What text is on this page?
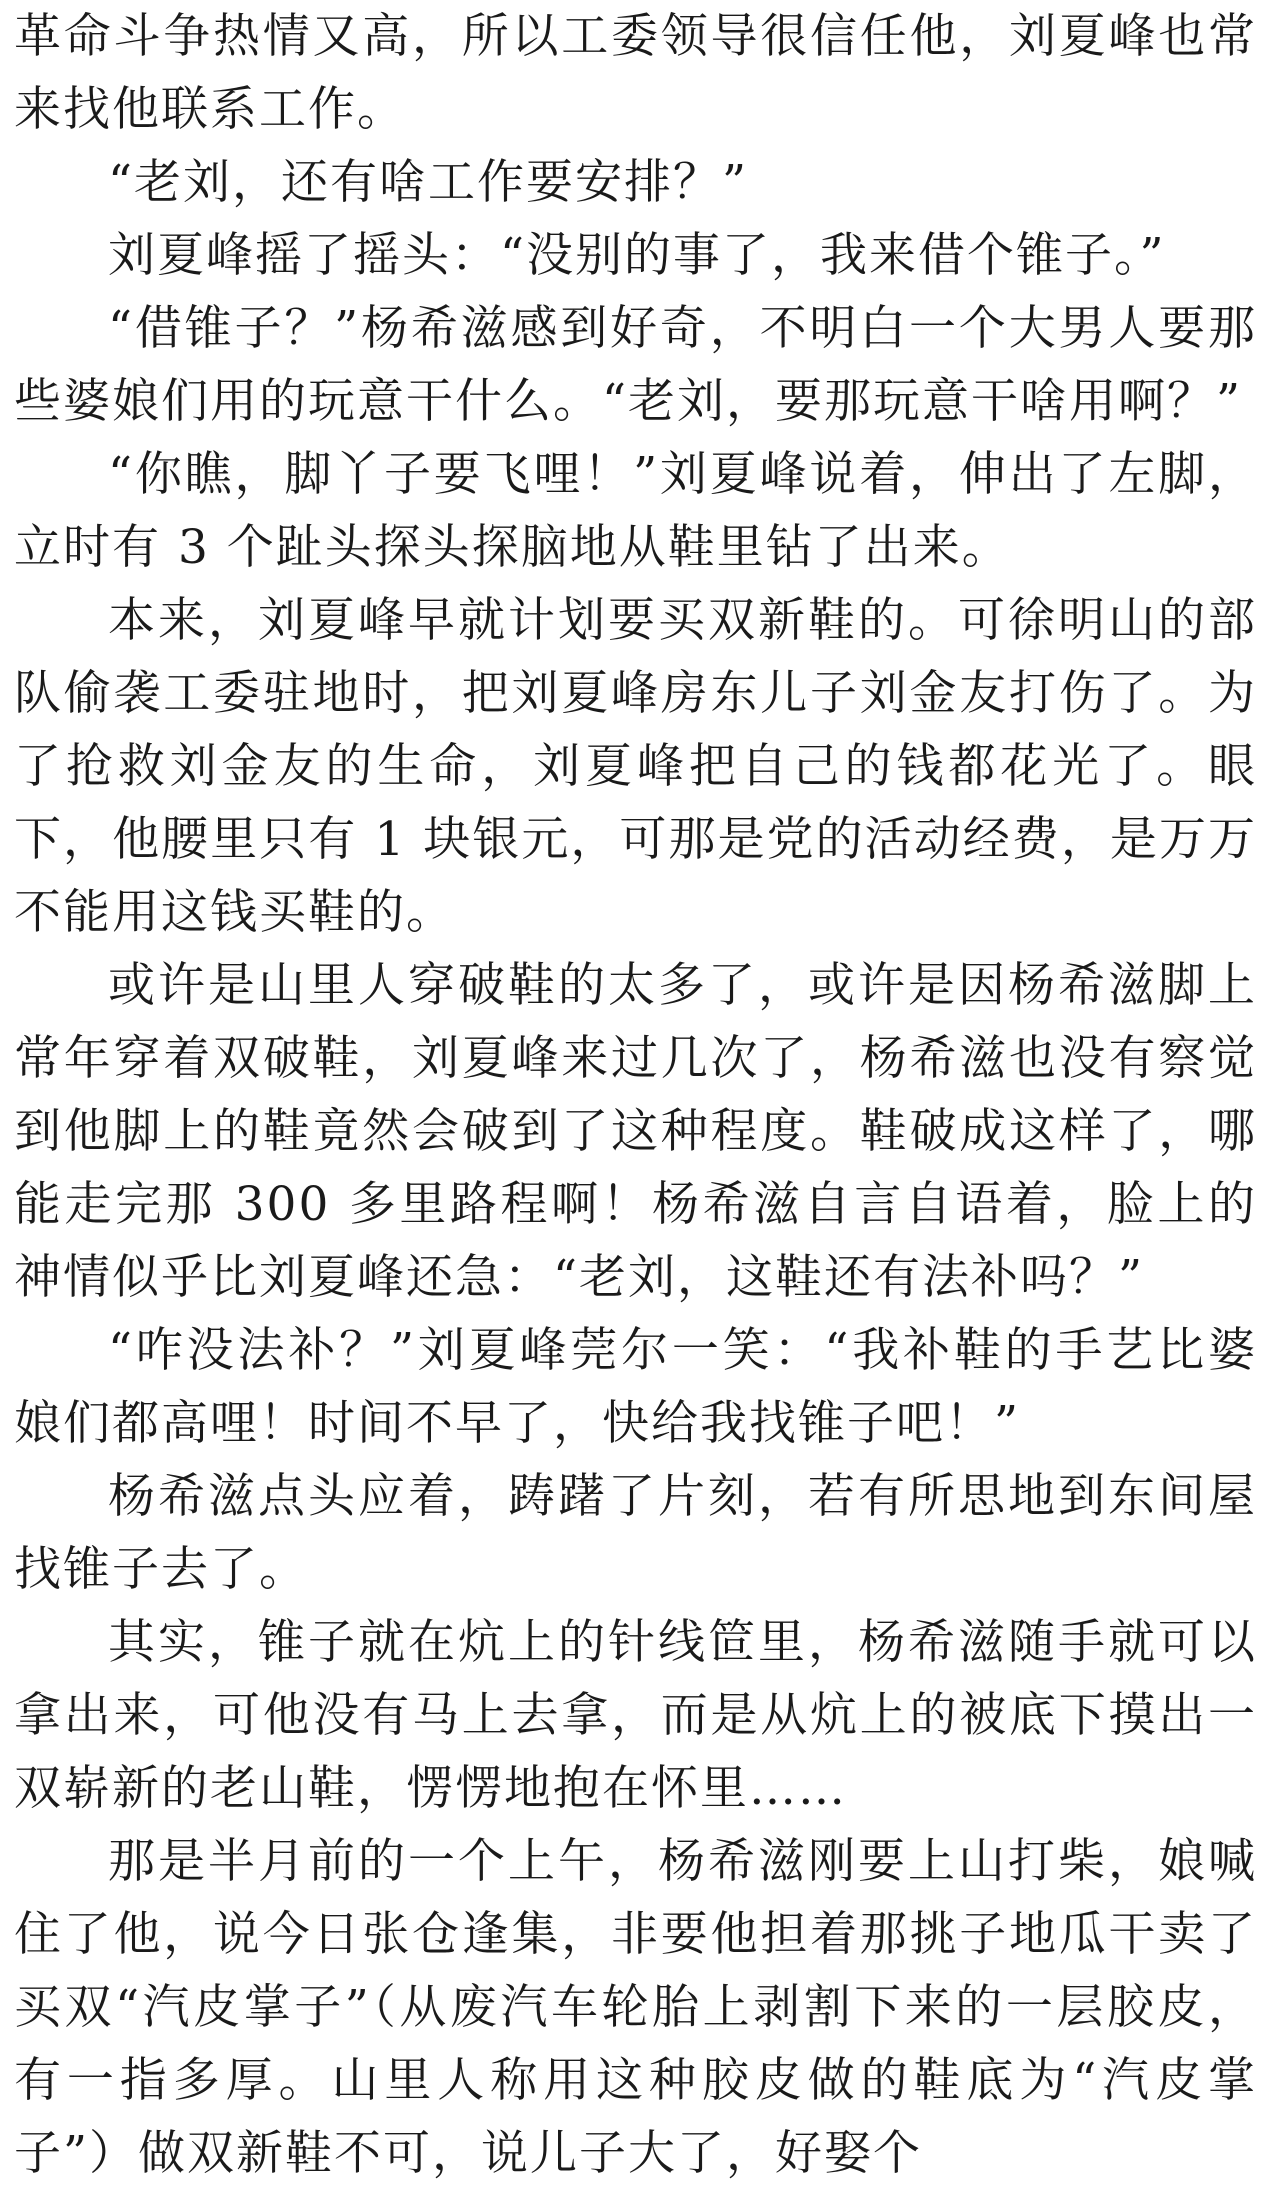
革命斗争热情又高，所以工委领导很信任他，刘夏峰也常来找他联系工作。

“老刘，还有啥工作要安排？”

刘夏峰摇了摇头：“没别的事了，我来借个锥子。”

“借锥子？”杨希滋感到好奇，不明白一个大男人要那些婆娘们用的玩意干什么。“老刘，要那玩意干啥用啊？”

“你瞧，脚丫子要飞哩！”刘夏峰说着，伸出了左脚，立时有 3 个趾头探头探脑地从鞋里钻了出来。

本来，刘夏峰早就计划要买双新鞋的。可徐明山的部队偷袭工委驻地时，把刘夏峰房东儿子刘金友打伤了。为了抢救刘金友的生命，刘夏峰把自己的钱都花光了。眼下，他腰里只有 1 块银元，可那是党的活动经费，是万万不能用这钱买鞋的。

或许是山里人穿破鞋的太多了，或许是因杨希滋脚上常年穿着双破鞋，刘夏峰来过几次了，杨希滋也没有察觉到他脚上的鞋竟然会破到了这种程度。鞋破成这样了，哪能走完那 300 多里路程啊！杨希滋自言自语着，脸上的神情似乎比刘夏峰还急：“老刘，这鞋还有法补吗？”

“咋没法补？”刘夏峰莞尔一笑：“我补鞋的手艺比婆娘们都高哩！时间不早了，快给我找锥子吧！”

杨希滋点头应着，踌躇了片刻，若有所思地到东间屋找锥子去了。

其实，锥子就在炕上的针线笸里，杨希滋随手就可以拿出来，可他没有马上去拿，而是从炕上的被底下摸出一双崭新的老山鞋，愣愣地抱在怀里……

那是半月前的一个上午，杨希滋刚要上山打柴，娘喊住了他，说今日张仓逢集，非要他担着那挑子地瓜干卖了买双“汽皮掌子”（从废汽车轮胎上剥割下来的一层胶皮，有一指多厚。山里人称用这种胶皮做的鞋底为“汽皮掌子”）做双新鞋不可，说儿子大了，好娶个
